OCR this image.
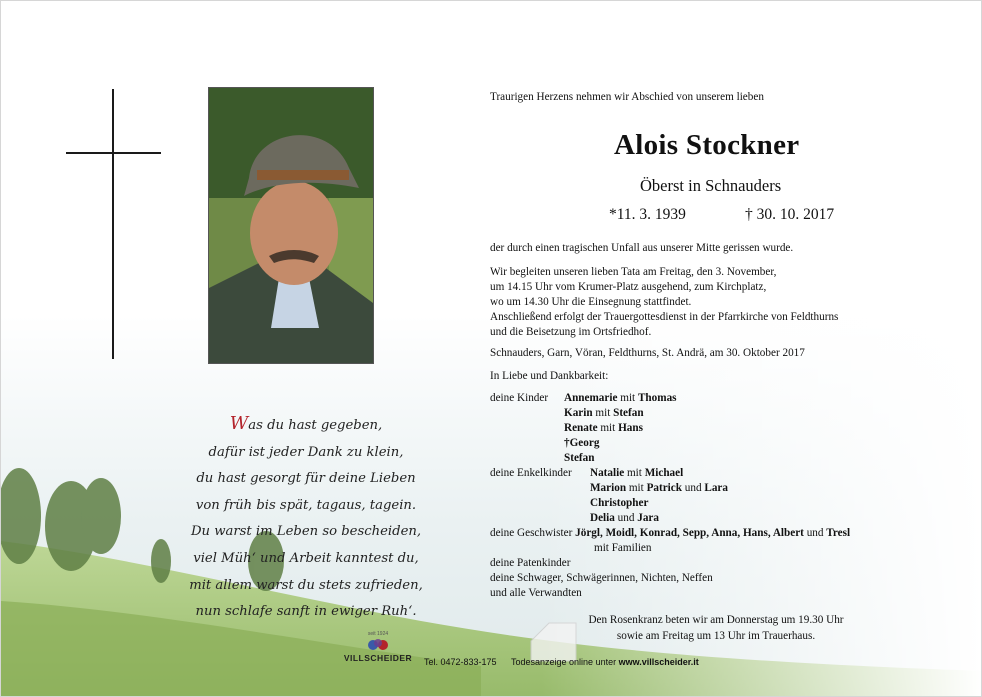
Was du hast gegeben,
dafür ist jeder Dank zu klein,
du hast gesorgt für deine Lieben
von früh bis spät, tagaus, tagein.
Du warst im Leben so bescheiden,
viel Müh‘ und Arbeit kanntest du,
mit allem warst du stets zufrieden,
nun schlafe sanft in ewiger Ruh‘.
Traurigen Herzens nehmen wir Abschied von unserem lieben
Alois Stockner
Öberst in Schnauders
*11. 3. 1939	† 30. 10. 2017
der durch einen tragischen Unfall aus unserer Mitte gerissen wurde.
Wir begleiten unseren lieben Tata am Freitag, den 3. November,
um 14.15 Uhr vom Krumer-Platz ausgehend, zum Kirchplatz,
wo um 14.30 Uhr die Einsegnung stattfindet.
Anschließend erfolgt der Trauergottesdienst in der Pfarrkirche von Feldthurns
und die Beisetzung im Ortsfriedhof.
Schnauders, Garn, Vöran, Feldthurns, St. Andrä, am 30. Oktober 2017
In Liebe und Dankbarkeit:
deine Kinder Annemarie mit Thomas
Karin mit Stefan
Renate mit Hans
†Georg
Stefan
deine Enkelkinder Natalie mit Michael
Marion mit Patrick und Lara
Christopher
Delia und Jara
deine Geschwister Jörgl, Moidl, Konrad, Sepp, Anna, Hans, Albert und Tresl
mit Familien
deine Patenkinder
deine Schwager, Schwägerinnen, Nichten, Neffen
und alle Verwandten
Den Rosenkranz beten wir am Donnerstag um 19.30 Uhr
sowie am Freitag um 13 Uhr im Trauerhaus.
seit 1924
VILLSCHEIDER	Tel. 0472-833-175 Todesanzeige online unter www.villscheider.it
